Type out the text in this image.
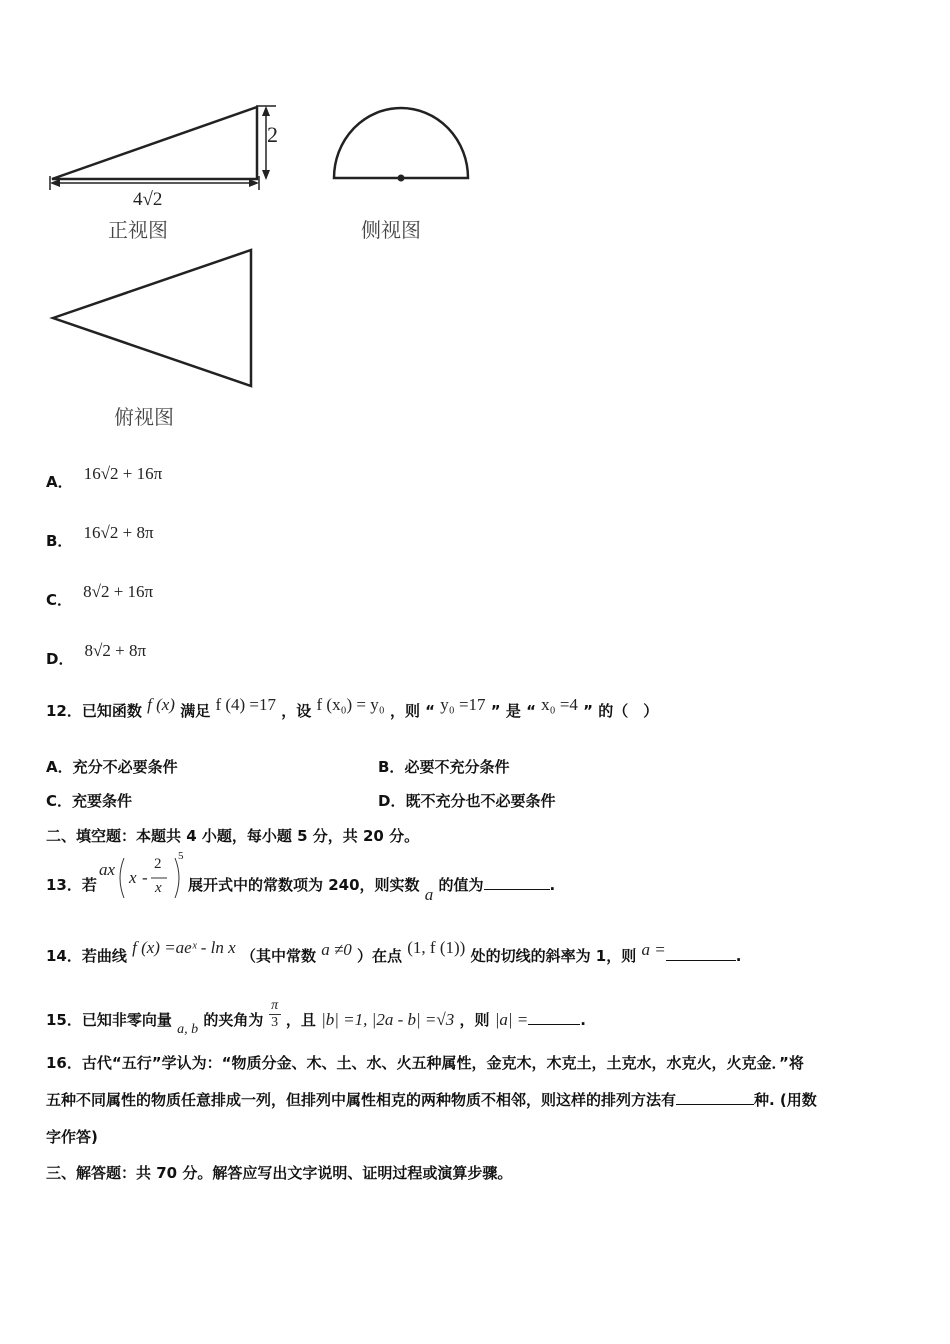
2
4√2
正视图	侧视图
俯视图
A． 16√2 + 16π
B． 16√2 + 8π
C． 8√2 + 16π
D． 8√2 + 8π
12．已知函数 f (x) 满足 f (4) =17 ，设 f (x₀) = y₀ ，则 “ y₀ =17 ” 是 “ x₀ =4 ” 的（　）
A．充分不必要条件	B．必要不充分条件
C．充要条件	D．既不充分也不必要条件
二、填空题：本题共 4 小题，每小题 5 分，共 20 分。
13．若
ax x -
2
x
5
展开式中的常数项为 240，则实数 a 的值为	.
14．若曲线 f (x) =aeˣ - ln x （其中常数 a ≠0 ）在点 (1, f (1)) 处的切线的斜率为 1，则 a =	.
15．已知非零向量 a, b 的夹角为 $\frac{\pi}{3}$ ，且 |b| =1, |2a - b| =√3 ，则 |a| =	.
16．古代“五行”学认为：“物质分金、木、土、水、火五种属性，金克木，木克土，土克水，水克火，火克金．”将
五种不同属性的物质任意排成一列，但排列中属性相克的两种物质不相邻，则这样的排列方法有	种. (用数
字作答)
三、解答题：共 70 分。解答应写出文字说明、证明过程或演算步骤。
